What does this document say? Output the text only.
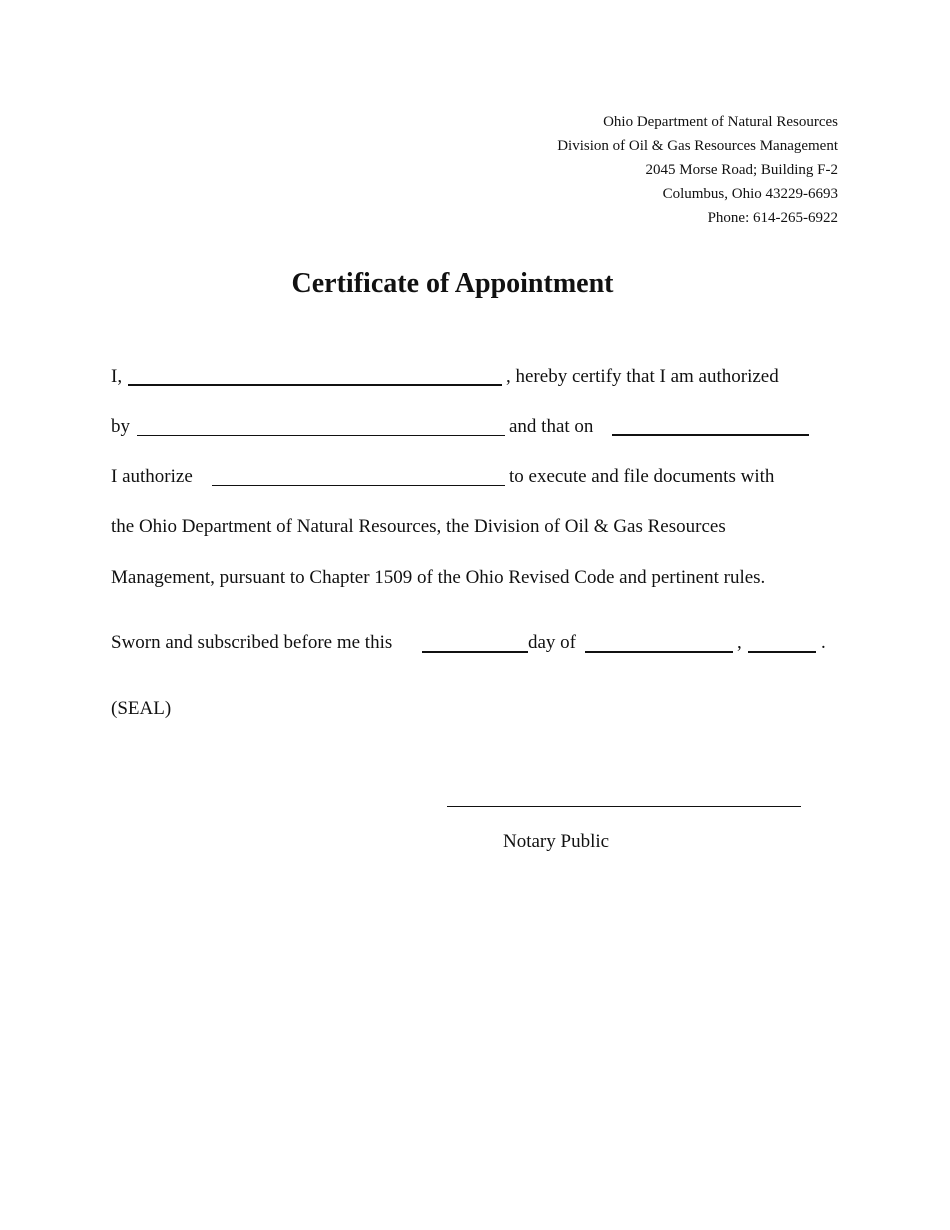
Ohio Department of Natural Resources
Division of Oil & Gas Resources Management
2045 Morse Road; Building F-2
Columbus, Ohio 43229-6693
Phone: 614-265-6922
Certificate of Appointment
I,	, hereby certify that I am authorized
by	and that on
I authorize	to execute and file documents with
the Ohio Department of Natural Resources, the Division of Oil & Gas Resources
Management, pursuant to Chapter 1509 of the Ohio Revised Code and pertinent rules.
Sworn and subscribed before me this	day of	,	.
(SEAL)
Notary Public
